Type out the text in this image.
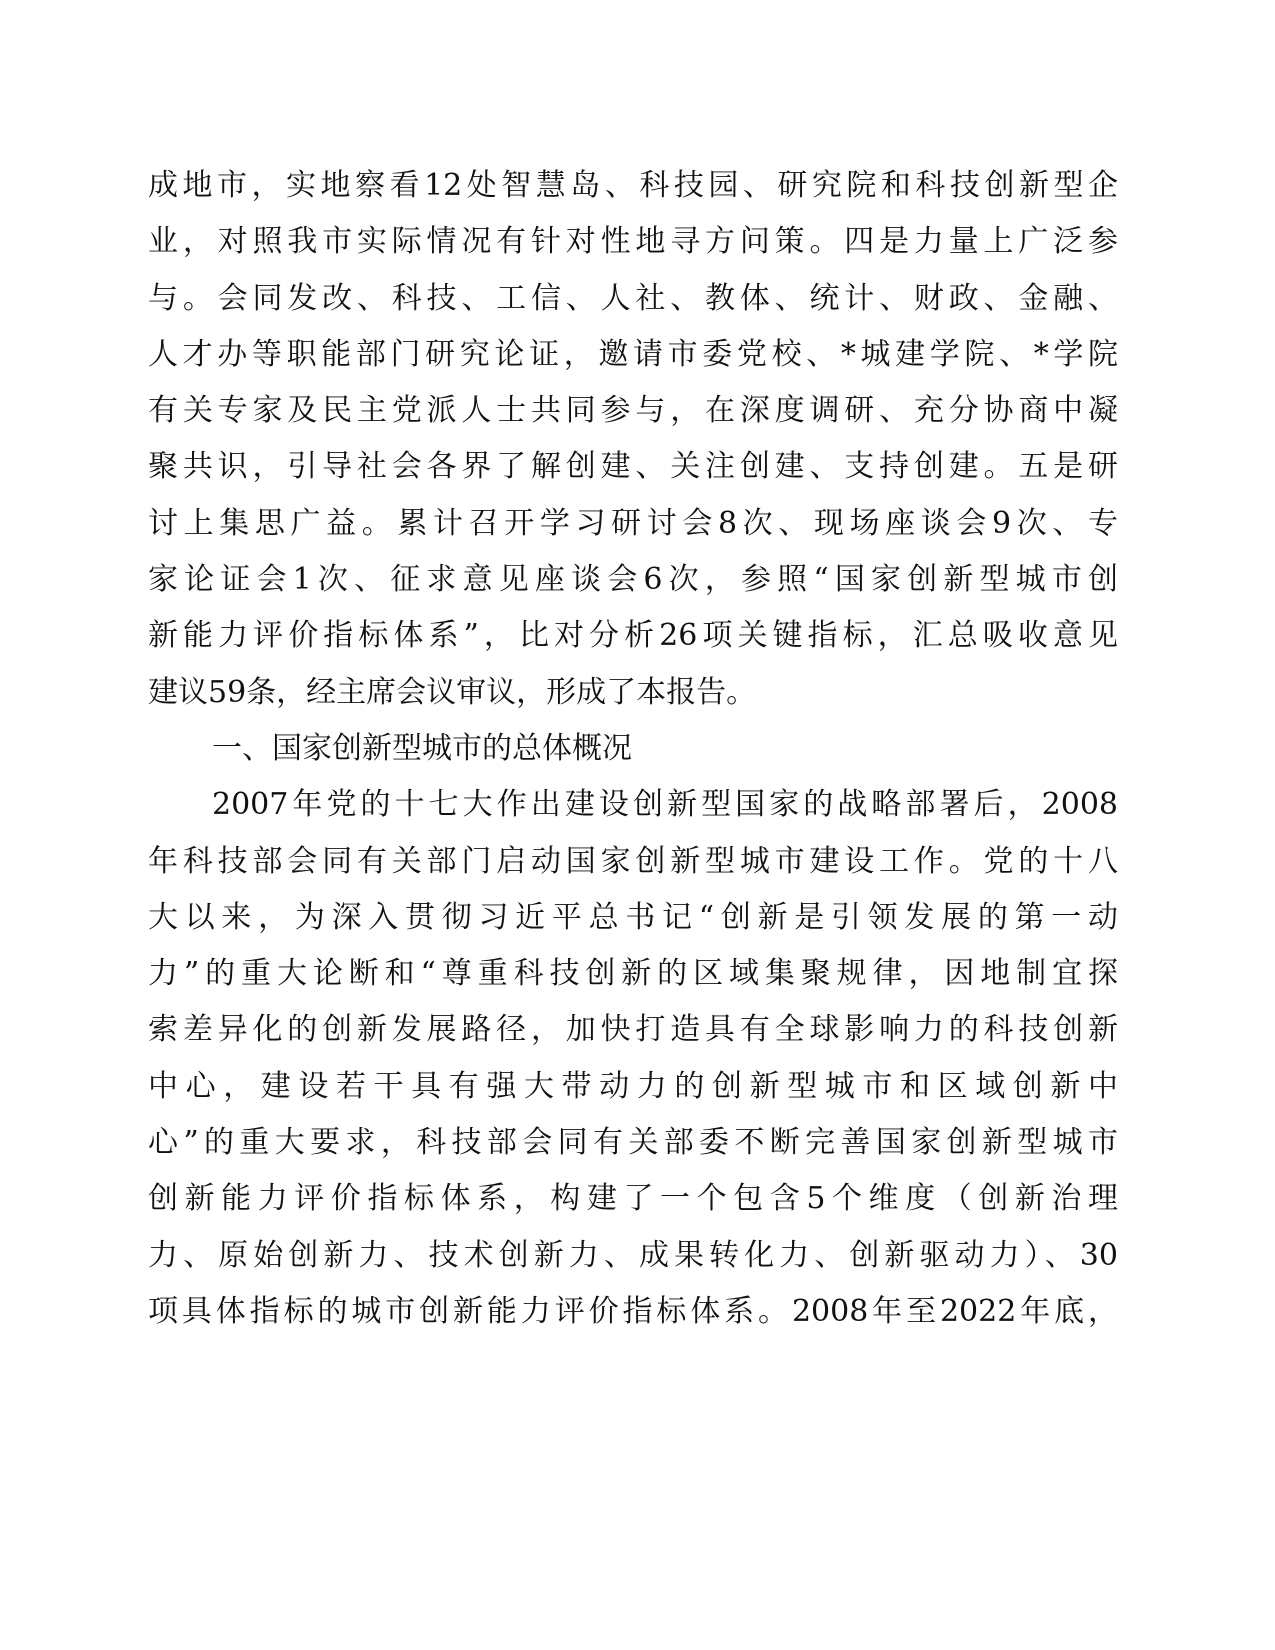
成地市，实地察看12处智慧岛、科技园、研究院和科技创新型企
业，对照我市实际情况有针对性地寻方问策。四是力量上广泛参
与。会同发改、科技、工信、人社、教体、统计、财政、金融、
人才办等职能部门研究论证，邀请市委党校、*城建学院、*学院
有关专家及民主党派人士共同参与，在深度调研、充分协商中凝
聚共识，引导社会各界了解创建、关注创建、支持创建。五是研
讨上集思广益。累计召开学习研讨会8次、现场座谈会9次、专
家论证会1次、征求意见座谈会6次，参照“国家创新型城市创
新能力评价指标体系”，比对分析26项关键指标，汇总吸收意见
建议59条，经主席会议审议，形成了本报告。
一、国家创新型城市的总体概况
2007年党的十七大作出建设创新型国家的战略部署后，2008
年科技部会同有关部门启动国家创新型城市建设工作。党的十八
大以来，为深入贯彻习近平总书记“创新是引领发展的第一动
力”的重大论断和“尊重科技创新的区域集聚规律，因地制宜探
索差异化的创新发展路径，加快打造具有全球影响力的科技创新
中心，建设若干具有强大带动力的创新型城市和区域创新中
心”的重大要求，科技部会同有关部委不断完善国家创新型城市
创新能力评价指标体系，构建了一个包含5个维度（创新治理
力、原始创新力、技术创新力、成果转化力、创新驱动力）、30
项具体指标的城市创新能力评价指标体系。2008年至2022年底，
